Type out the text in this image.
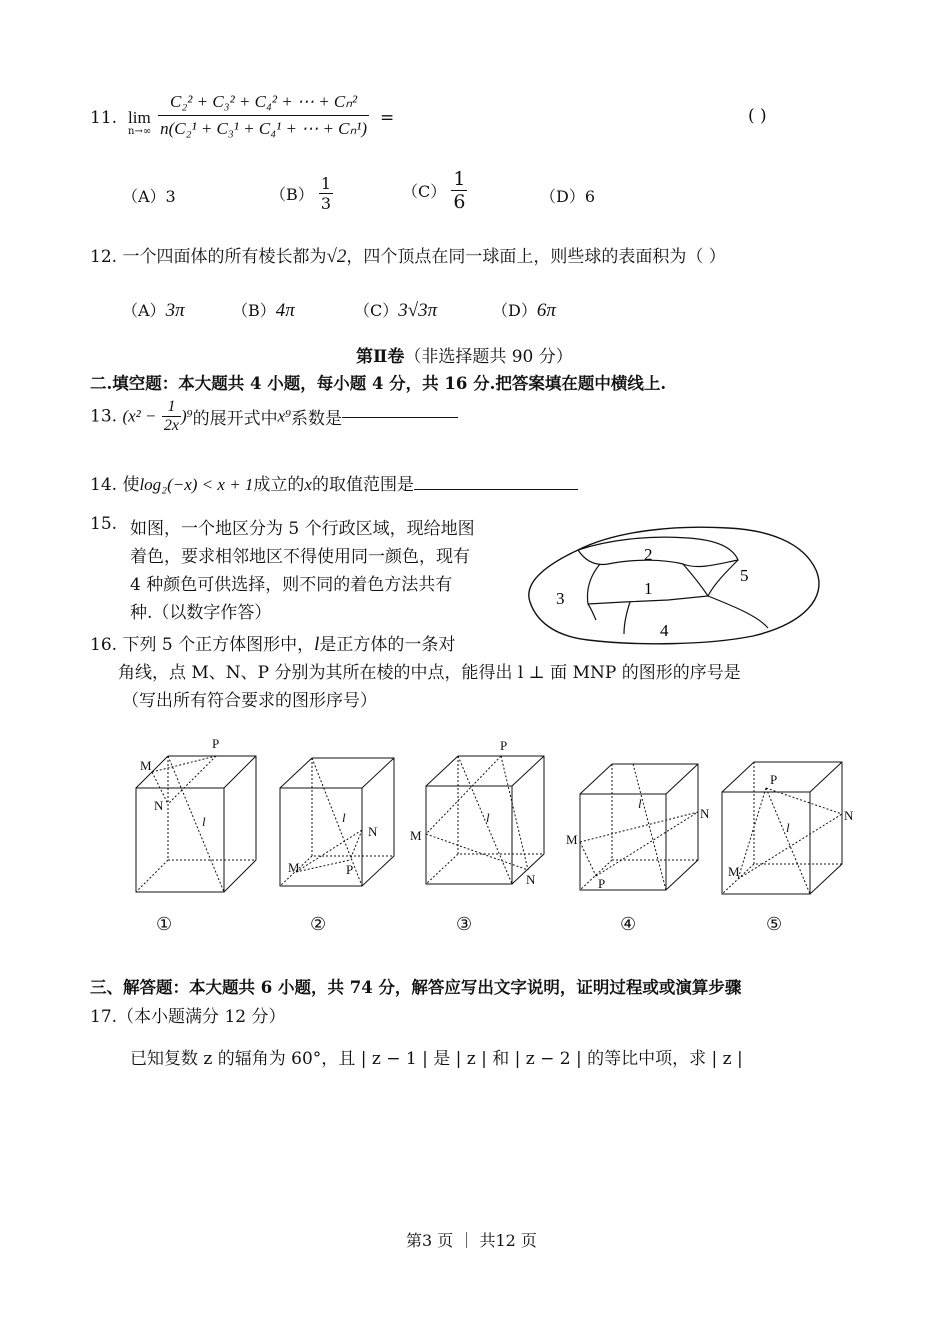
11. lim
$n\to\infty \frac{\text{C₂² + C₃² + C₄² + ⋯ + Cₙ²}}{\text{n(C₂¹ + C₃¹ + C₄¹ + ⋯ + Cₙ¹)}}$ =	( )
（A）3	$(B) \frac{1}{3}$	$(C) \frac{1}{6}$	（D）6
12. 一个四面体的所有棱长都为√2，四个顶点在同一球面上，则些球的表面积为（ ）
（A）3π	（B）4π	（C）3√3π	（D）6π
第Ⅱ卷（非选择题共 90 分）
二.填空题：本大题共 4 小题，每小题 4 分，共 16 分.把答案填在题中横线上.
13. $(x^2 - \frac{1}{2x} )^9$的展开式中x⁹系数是
14. 使log₂(−x) < x + 1成立的x的取值范围是
15. 如图，一个地区分为 5 个行政区域，现给地图
着色，要求相邻地区不得使用同一颜色，现有
4 种颜色可供选择，则不同的着色方法共有
种.（以数字作答）
2
1
5
3
4
16. 下列 5 个正方体图形中，l是正方体的一条对
角线，点 M、N、P 分别为其所在棱的中点，能得出 l ⊥ 面 MNP 的图形的序号是
（写出所有符合要求的图形序号）
M
P
N
l
M
N
P
l
P
M
N
l
M
N
P
l
P
N
M
l
①	②	③	④	⑤
三、解答题：本大题共 6 小题，共 74 分，解答应写出文字说明，证明过程或或演算步骤
17.（本小题满分 12 分）
已知复数 z 的辐角为 60°，且 | z − 1 | 是 | z | 和 | z − 2 | 的等比中项，求 | z |
第3 页 ｜ 共12 页
